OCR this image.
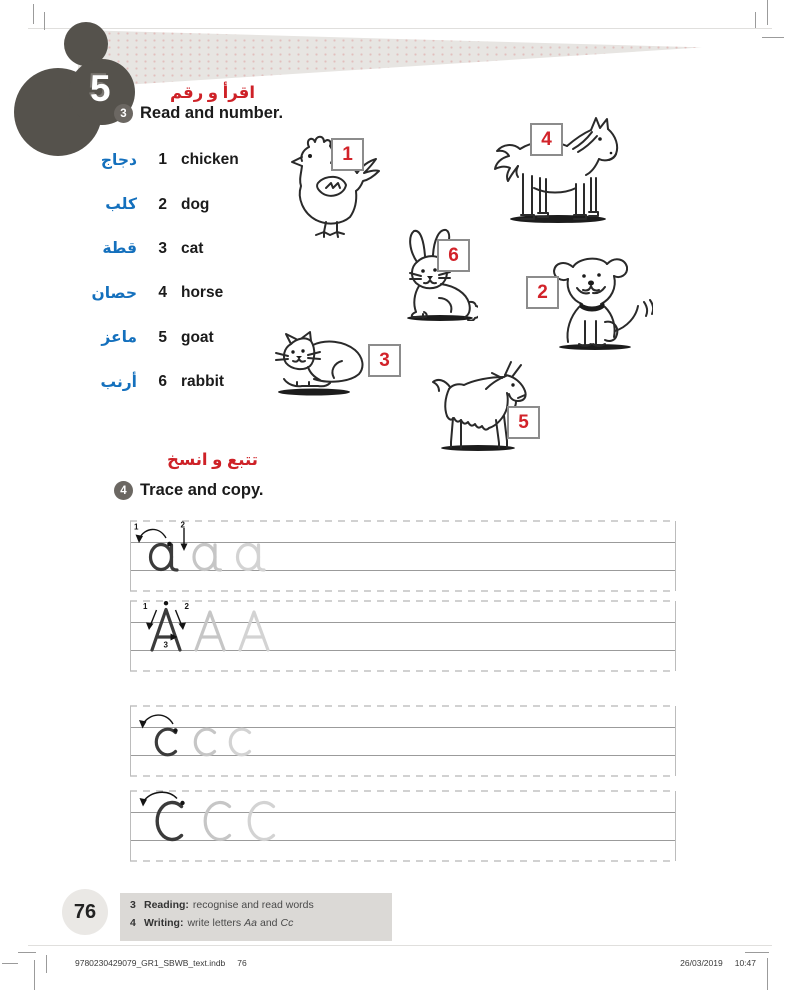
5	اقرأ و رقم
3 Read and number.
دجاج	1 chicken
كلب	2 dog
قطة	3 cat
حصان	4 horse
ماعز	5 goat
أرنب	6 rabbit
1
4
6
2
3
5
تتبع و انسخ
4 Trace and copy.
1	2
1	2
3
76	3 Reading: recognise and read words
4 Writing: write letters Aa and Cc
9780230429079_GR1_SBWB_text.indb 76	26/03/2019 10:47
